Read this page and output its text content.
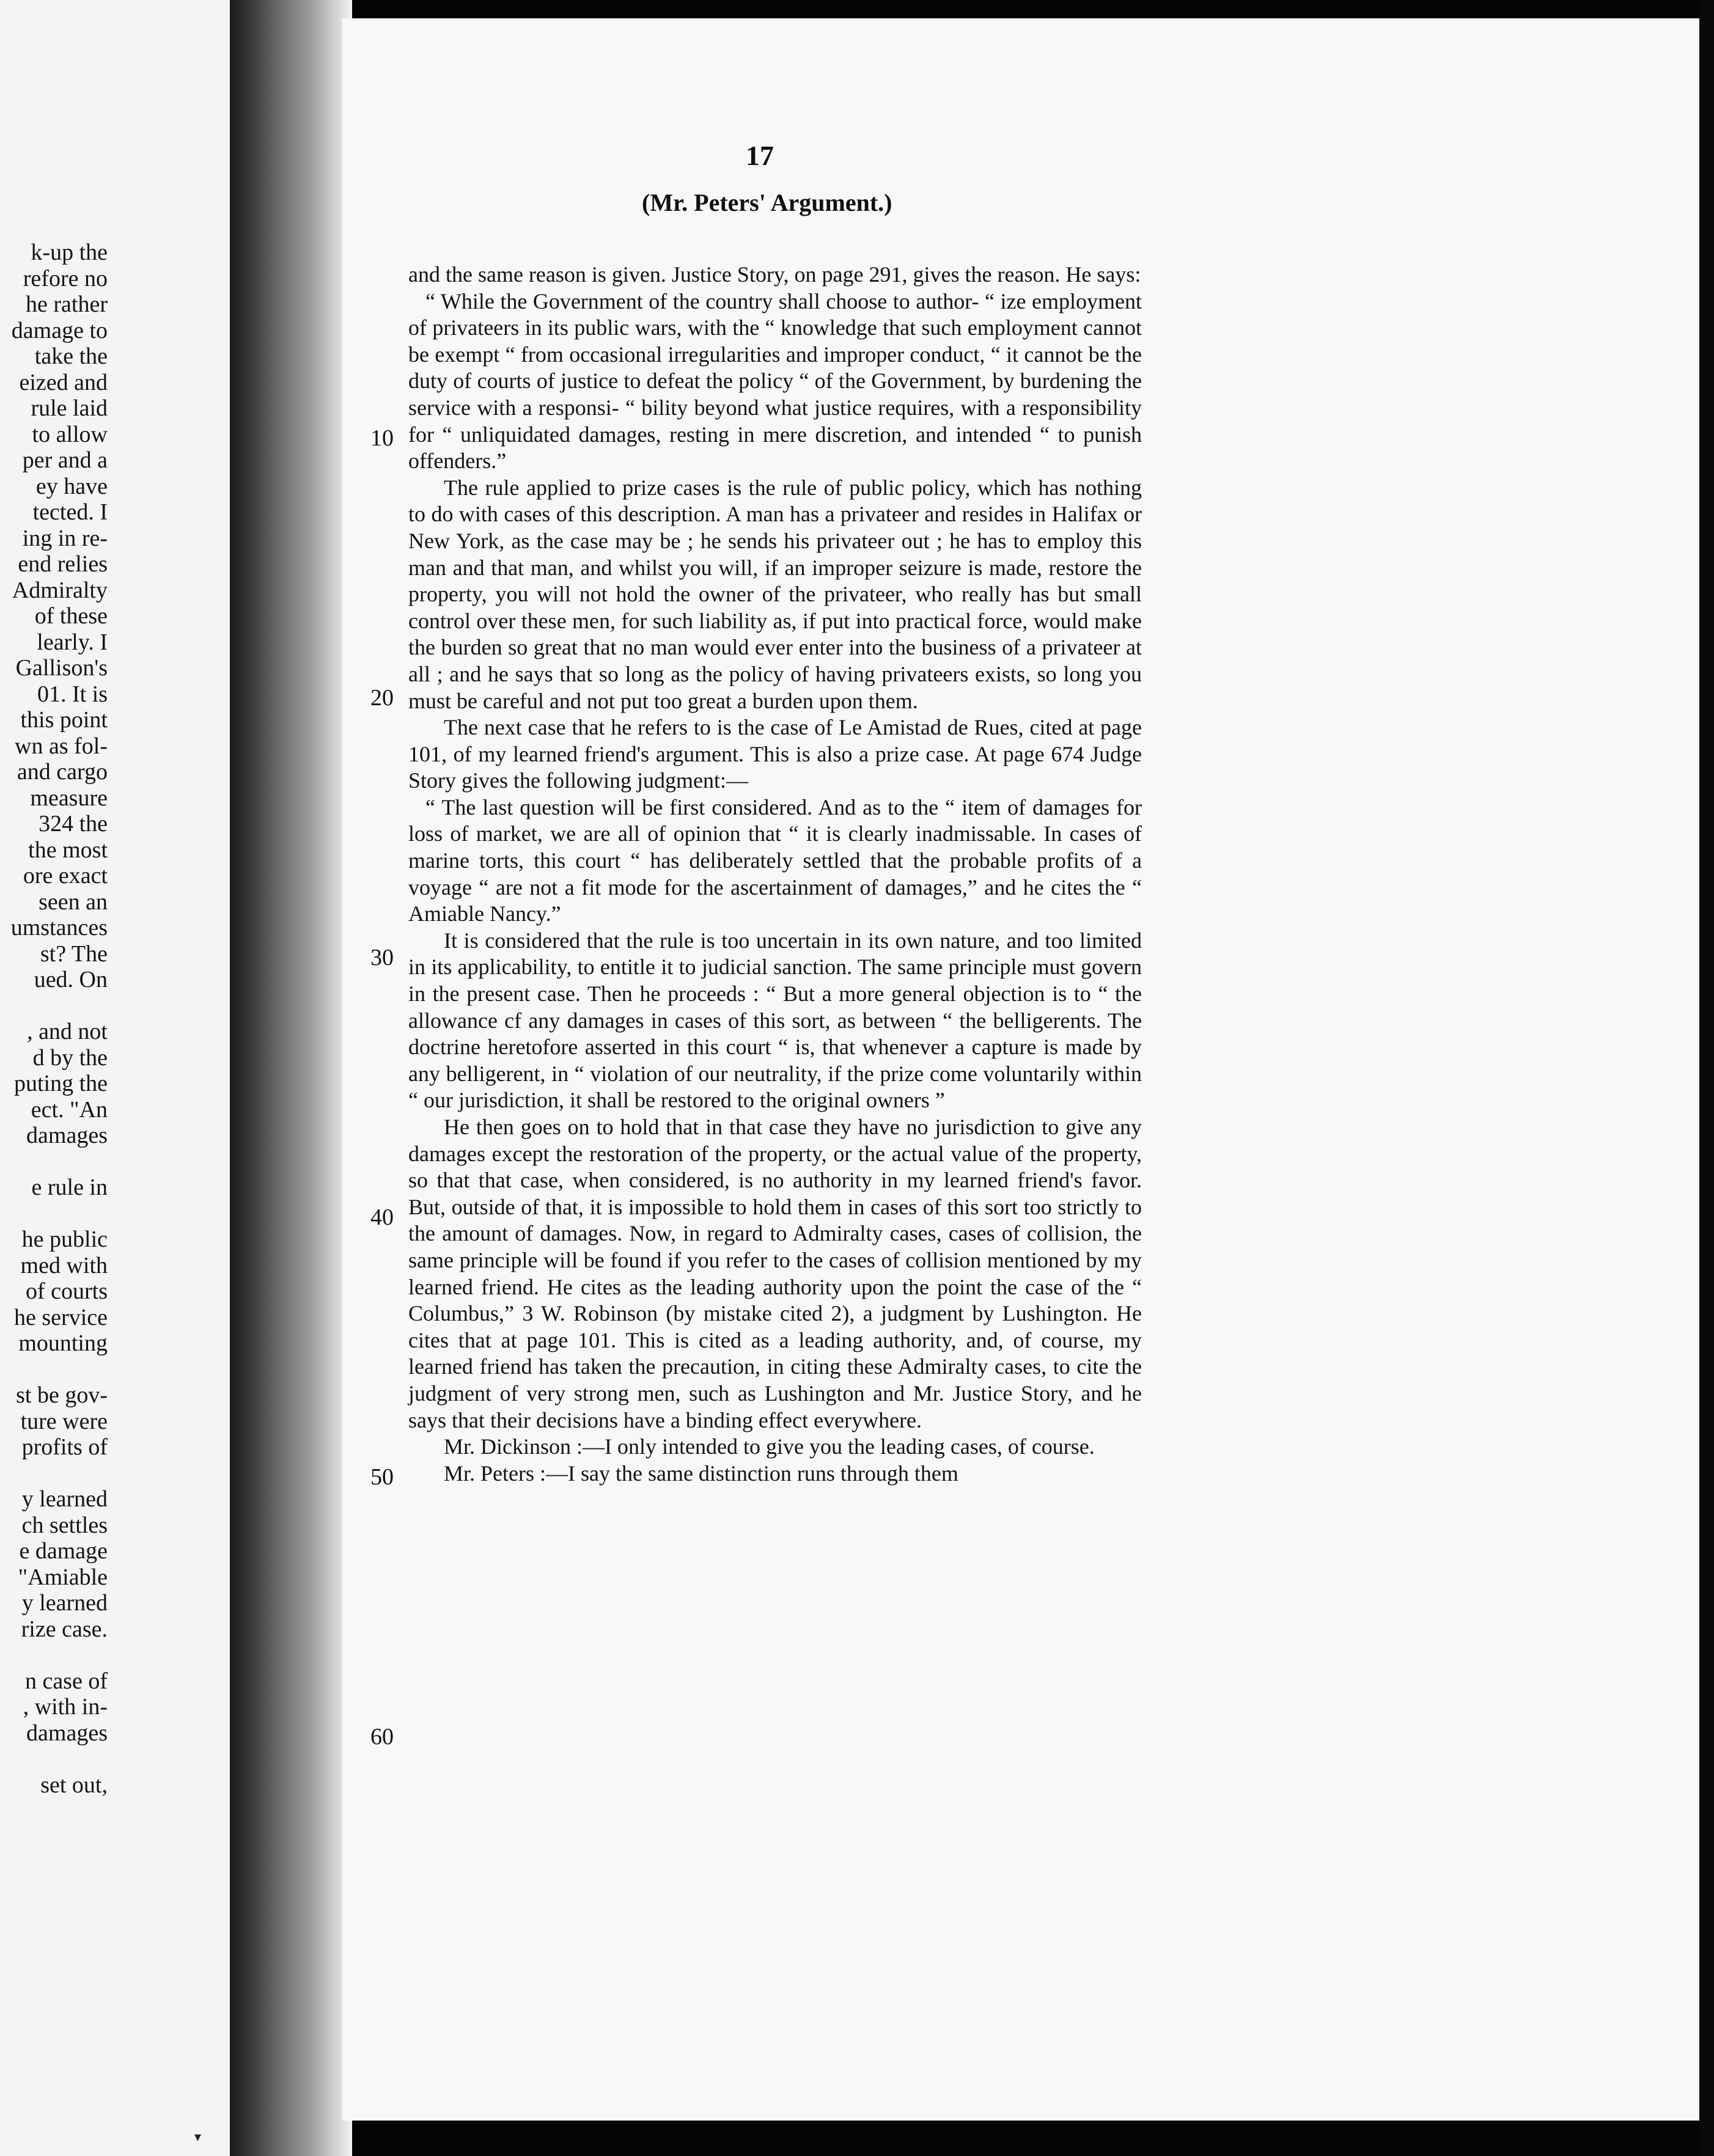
k-up the
refore no
he rather
damage to
take the
eized and
rule laid
to allow
per and a
ey have
tected. I
ing in re-
end relies
Admiralty
of these
learly. I
Gallison's
01. It is
this point
wn as fol-
and cargo
measure
324 the
the most
ore exact
seen an
umstances
st? The
ued. On
, and not
d by the
puting the
ect. "An
damages
e rule in
he public
med with
of courts
he service
mounting
st be gov-
ture were
profits of
y learned
ch settles
e damage
"Amiable
y learned
rize case.
n case of
, with in-
damages
set out,
17
(Mr. Peters' Argument.)

and the same reason is given. Justice Story, on page 291, gives the reason. He says:

“ While the Government of the country shall choose to author- “ ize employment of privateers in its public wars, with the “ knowledge that such employment cannot be exempt “ from occasional irregularities and improper conduct, “ it cannot be the duty of courts of justice to defeat the policy “ of the Government, by burdening the service with a responsi- “ bility beyond what justice requires, with a responsibility for “ unliquidated damages, resting in mere discretion, and intended “ to punish offenders.”

The rule applied to prize cases is the rule of public policy, which has nothing to do with cases of this description. A man has a privateer and resides in Halifax or New York, as the case may be ; he sends his privateer out ; he has to employ this man and that man, and whilst you will, if an improper seizure is made, restore the property, you will not hold the owner of the privateer, who really has but small control over these men, for such liability as, if put into practical force, would make the burden so great that no man would ever enter into the business of a privateer at all ; and he says that so long as the policy of having privateers exists, so long you must be careful and not put too great a burden upon them.

The next case that he refers to is the case of Le Amistad de Rues, cited at page 101, of my learned friend's argument. This is also a prize case. At page 674 Judge Story gives the following judgment:—

“ The last question will be first considered. And as to the “ item of damages for loss of market, we are all of opinion that “ it is clearly inadmissable. In cases of marine torts, this court “ has deliberately settled that the probable profits of a voyage “ are not a fit mode for the ascertainment of damages,” and he cites the “ Amiable Nancy.”

It is considered that the rule is too uncertain in its own nature, and too limited in its applicability, to entitle it to judicial sanction. The same principle must govern in the present case. Then he proceeds : “ But a more general objection is to “ the allowance cf any damages in cases of this sort, as between “ the belligerents. The doctrine heretofore asserted in this court “ is, that whenever a capture is made by any belligerent, in “ violation of our neutrality, if the prize come voluntarily within “ our jurisdiction, it shall be restored to the original owners ”

He then goes on to hold that in that case they have no jurisdiction to give any damages except the restoration of the property, or the actual value of the property, so that that case, when considered, is no authority in my learned friend's favor. But, outside of that, it is impossible to hold them in cases of this sort too strictly to the amount of damages. Now, in regard to Admiralty cases, cases of collision, the same principle will be found if you refer to the cases of collision mentioned by my learned friend. He cites as the leading authority upon the point the case of the “ Columbus,” 3 W. Robinson (by mistake cited 2), a judgment by Lushington. He cites that at page 101. This is cited as a leading authority, and, of course, my learned friend has taken the precaution, in citing these Admiralty cases, to cite the judgment of very strong men, such as Lushington and Mr. Justice Story, and he says that their decisions have a binding effect everywhere.

Mr. Dickinson :—I only intended to give you the leading cases, of course.

Mr. Peters :—I say the same distinction runs through them

10
20
30
40
50
60
▾
